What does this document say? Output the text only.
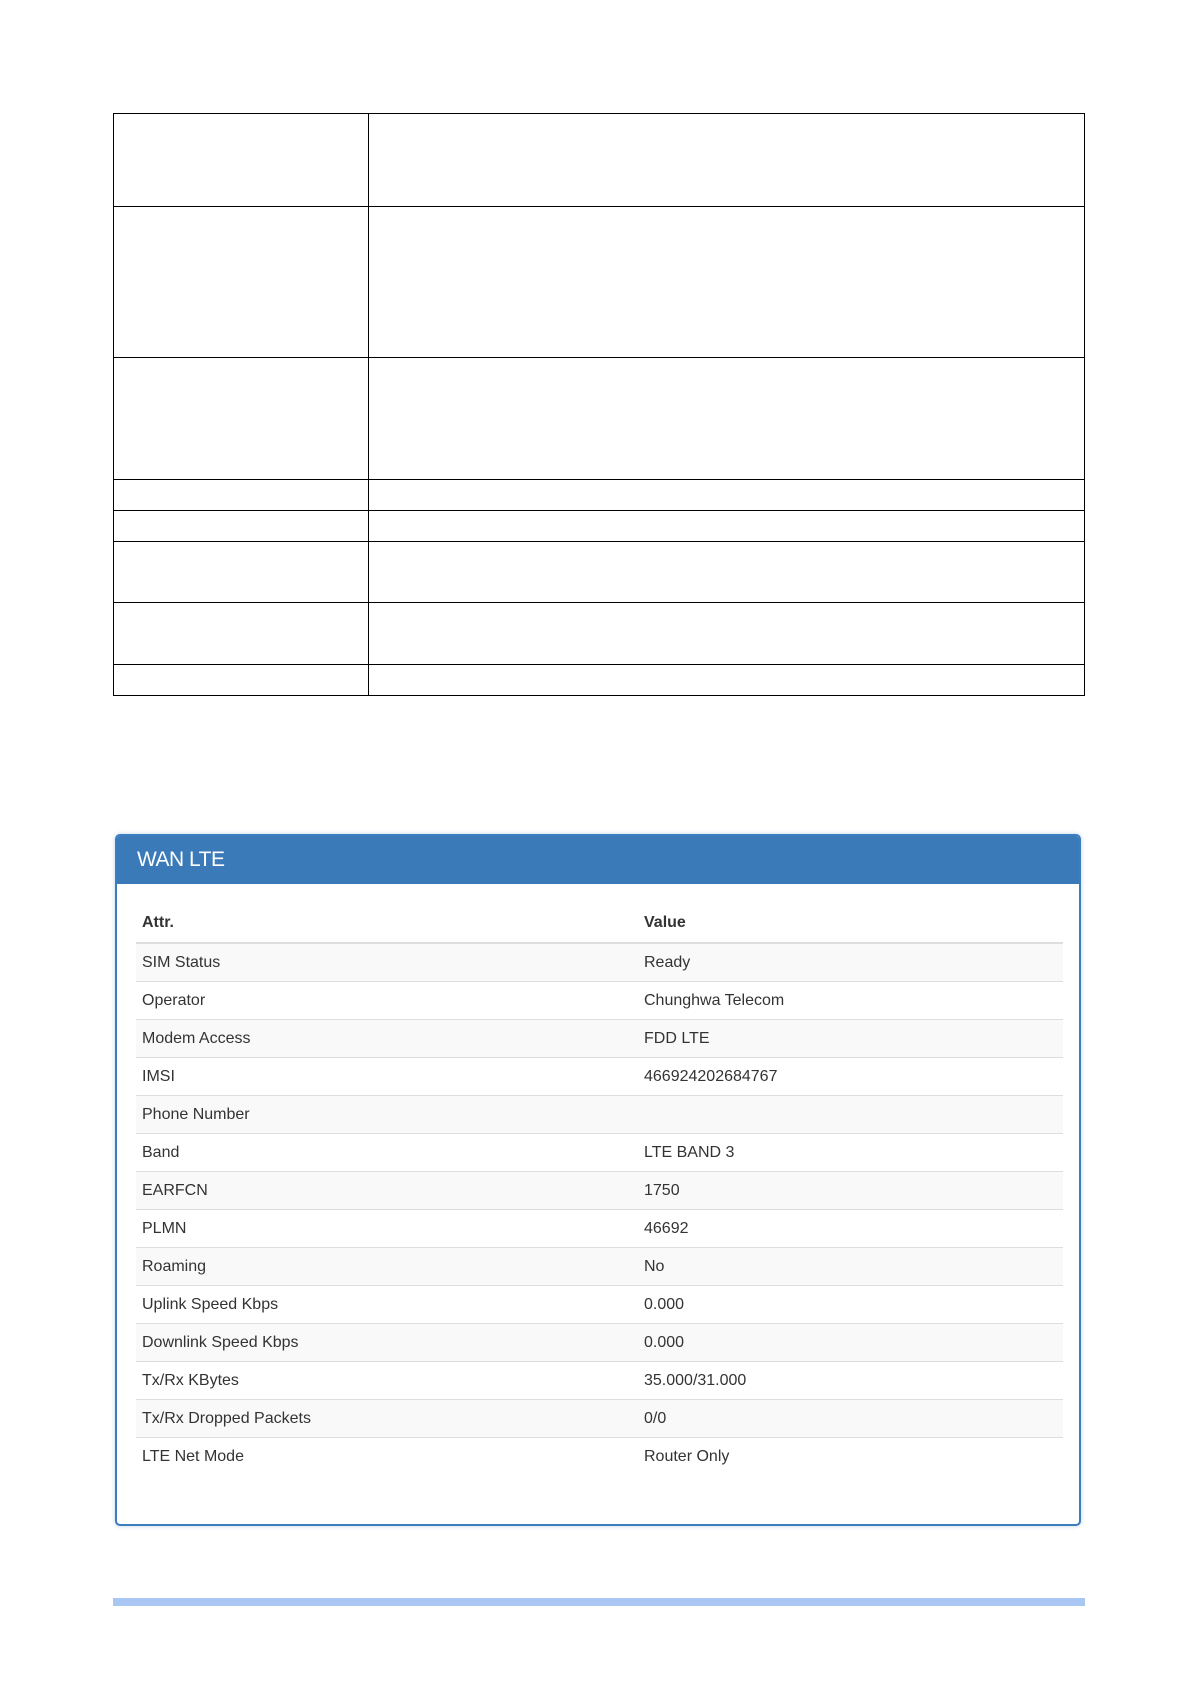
WAN LTE
Attr.	Value
SIM Status	Ready
Operator	Chunghwa Telecom
Modem Access	FDD LTE
IMSI	466924202684767
Phone Number	
Band	LTE BAND 3
EARFCN	1750
PLMN	46692
Roaming	No
Uplink Speed Kbps	0.000
Downlink Speed Kbps	0.000
Tx/Rx KBytes	35.000/31.000
Tx/Rx Dropped Packets	0/0
LTE Net Mode	Router Only
